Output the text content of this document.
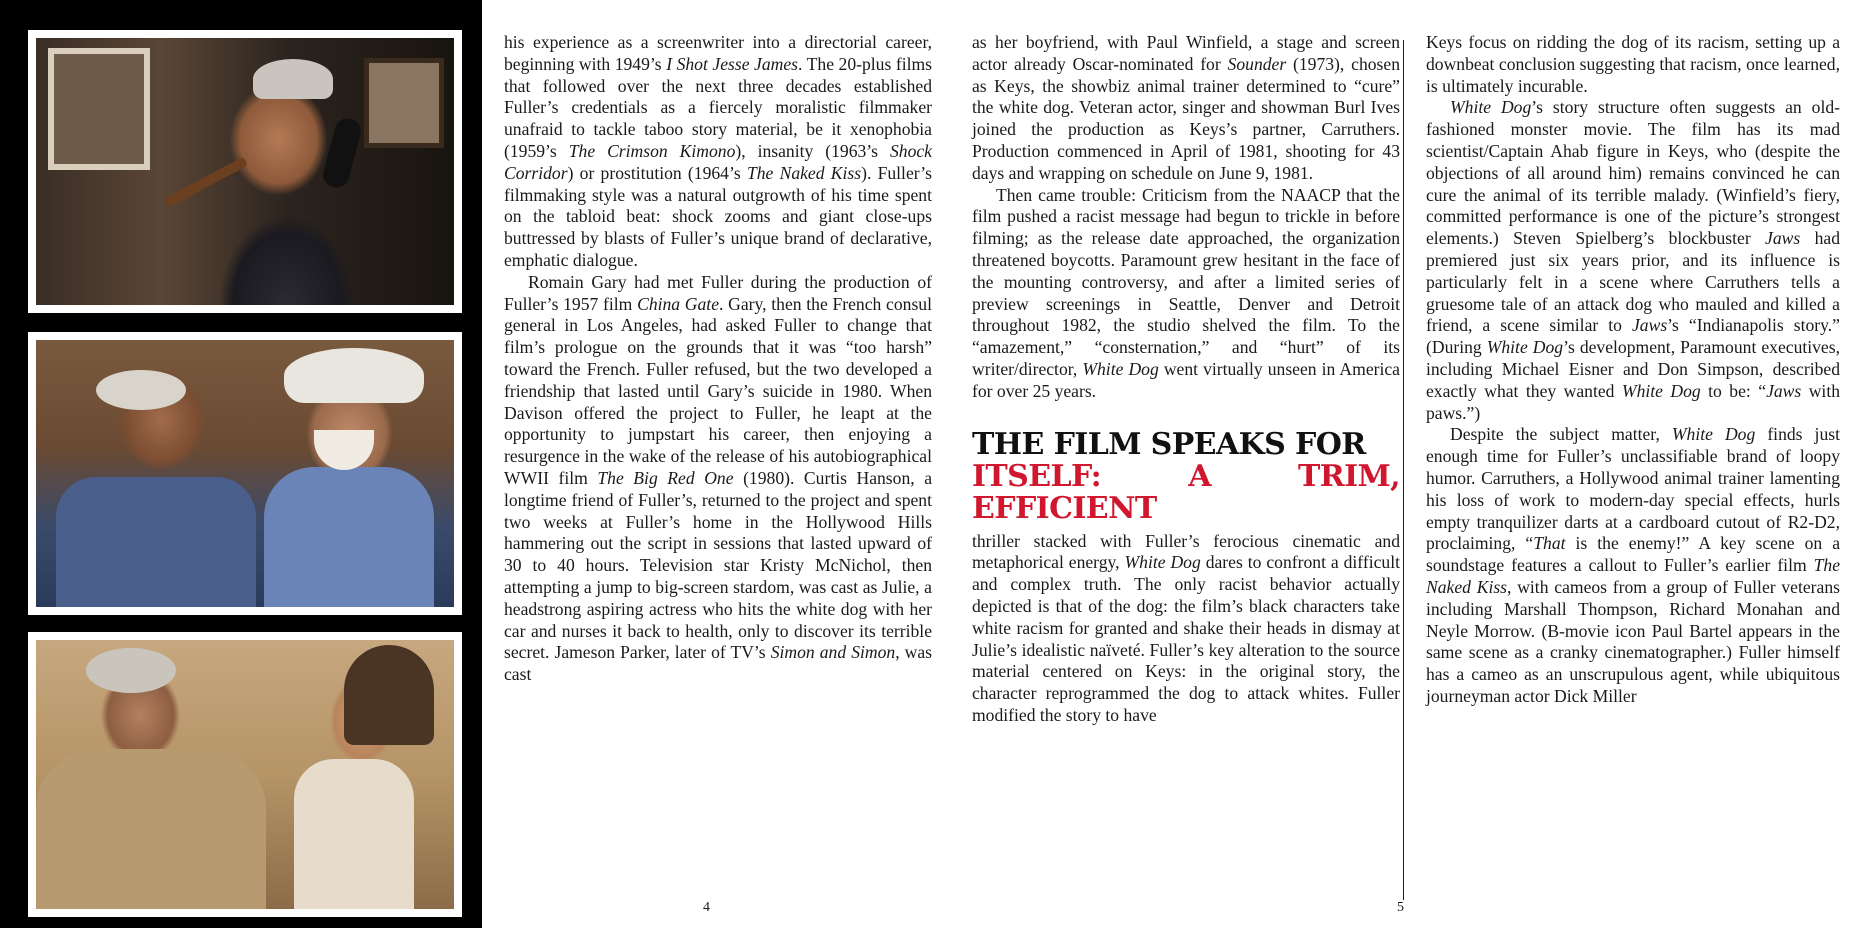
his experience as a screenwriter into a directorial career, beginning with 1949’s I Shot Jesse James. The 20-plus films that followed over the next three decades established Fuller’s credentials as a fiercely moralistic filmmaker unafraid to tackle taboo story material, be it xenophobia (1959’s The Crimson Kimono), insanity (1963’s Shock Corridor) or prostitution (1964’s The Naked Kiss). Fuller’s filmmaking style was a natural outgrowth of his time spent on the tabloid beat: shock zooms and giant close-ups buttressed by blasts of Fuller’s unique brand of declarative, emphatic dialogue.

Romain Gary had met Fuller during the production of Fuller’s 1957 film China Gate. Gary, then the French consul general in Los Angeles, had asked Fuller to change that film’s prologue on the grounds that it was “too harsh” toward the French. Fuller refused, but the two developed a friendship that lasted until Gary’s suicide in 1980. When Davison offered the project to Fuller, he leapt at the opportunity to jumpstart his career, then enjoying a resurgence in the wake of the release of his autobiographical WWII film The Big Red One (1980). Curtis Hanson, a longtime friend of Fuller’s, returned to the project and spent two weeks at Fuller’s home in the Hollywood Hills hammering out the script in sessions that lasted upward of 30 to 40 hours. Television star Kristy McNichol, then attempting a jump to big-screen stardom, was cast as Julie, a headstrong aspiring actress who hits the white dog with her car and nurses it back to health, only to discover its terrible secret. Jameson Parker, later of TV’s Simon and Simon, was cast

as her boyfriend, with Paul Winfield, a stage and screen actor already Oscar-nominated for Sounder (1973), chosen as Keys, the showbiz animal trainer determined to “cure” the white dog. Veteran actor, singer and showman Burl Ives joined the production as Keys’s partner, Carruthers. Production commenced in April of 1981, shooting for 43 days and wrapping on schedule on June 9, 1981.

Then came trouble: Criticism from the NAACP that the film pushed a racist message had begun to trickle in before filming; as the release date approached, the organization threatened boycotts. Paramount grew hesitant in the face of the mounting controversy, and after a limited series of preview screenings in Seattle, Denver and Detroit throughout 1982, the studio shelved the film. To the “amazement,” “consternation,” and “hurt” of its writer/director, White Dog went virtually unseen in America for over 25 years.

THE FILM SPEAKS FOR
ITSELF: A TRIM, EFFICIENT

thriller stacked with Fuller’s ferocious cinematic and metaphorical energy, White Dog dares to confront a difficult and complex truth. The only racist behavior actually depicted is that of the dog: the film’s black characters take white racism for granted and shake their heads in dismay at Julie’s idealistic naïveté. Fuller’s key alteration to the source material centered on Keys: in the original story, the character reprogrammed the dog to attack whites. Fuller modified the story to have

Keys focus on ridding the dog of its racism, setting up a downbeat conclusion suggesting that racism, once learned, is ultimately incurable.

White Dog’s story structure often suggests an old-fashioned monster movie. The film has its mad scientist/Captain Ahab figure in Keys, who (despite the objections of all around him) remains convinced he can cure the animal of its terrible malady. (Winfield’s fiery, committed performance is one of the picture’s strongest elements.) Steven Spielberg’s blockbuster Jaws had premiered just six years prior, and its influence is particularly felt in a scene where Carruthers tells a gruesome tale of an attack dog who mauled and killed a friend, a scene similar to Jaws’s “Indianapolis story.” (During White Dog’s development, Paramount executives, including Michael Eisner and Don Simpson, described exactly what they wanted White Dog to be: “Jaws with paws.”)

Despite the subject matter, White Dog finds just enough time for Fuller’s unclassifiable brand of loopy humor. Carruthers, a Hollywood animal trainer lamenting his loss of work to modern-day special effects, hurls empty tranquilizer darts at a cardboard cutout of R2-D2, proclaiming, “That is the enemy!” A key scene on a soundstage features a callout to Fuller’s earlier film The Naked Kiss, with cameos from a group of Fuller veterans including Marshall Thompson, Richard Monahan and Neyle Morrow. (B-movie icon Paul Bartel appears in the same scene as a cranky cinematographer.) Fuller himself has a cameo as an unscrupulous agent, while ubiquitous journeyman actor Dick Miller

4	5
